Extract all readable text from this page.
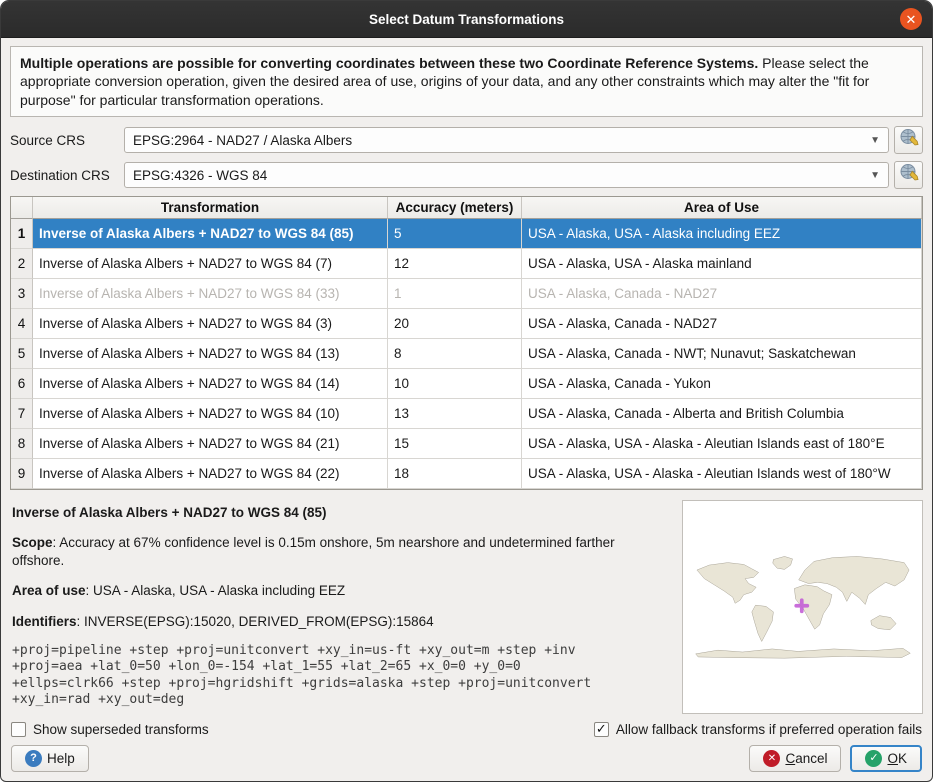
Select Datum Transformations	✕
Multiple operations are possible for converting coordinates between these two Coordinate Reference Systems. Please select the appropriate conversion operation, given the desired area of use, origins of your data, and any other constraints which may alter the "fit for purpose" for particular transformation operations.
Source CRS	EPSG:2964 - NAD27 / Alaska Albers	▼
Destination CRS	EPSG:4326 - WGS 84	▼
Transformation	Accuracy (meters)	Area of Use
1	Inverse of Alaska Albers + NAD27 to WGS 84 (85)	5	USA - Alaska, USA - Alaska including EEZ
2	Inverse of Alaska Albers + NAD27 to WGS 84 (7)	12	USA - Alaska, USA - Alaska mainland
3	Inverse of Alaska Albers + NAD27 to WGS 84 (33)	1	USA - Alaska, Canada - NAD27
4	Inverse of Alaska Albers + NAD27 to WGS 84 (3)	20	USA - Alaska, Canada - NAD27
5	Inverse of Alaska Albers + NAD27 to WGS 84 (13)	8	USA - Alaska, Canada - NWT; Nunavut; Saskatchewan
6	Inverse of Alaska Albers + NAD27 to WGS 84 (14)	10	USA - Alaska, Canada - Yukon
7	Inverse of Alaska Albers + NAD27 to WGS 84 (10)	13	USA - Alaska, Canada - Alberta and British Columbia
8	Inverse of Alaska Albers + NAD27 to WGS 84 (21)	15	USA - Alaska, USA - Alaska - Aleutian Islands east of 180°E
9	Inverse of Alaska Albers + NAD27 to WGS 84 (22)	18	USA - Alaska, USA - Alaska - Aleutian Islands west of 180°W
Inverse of Alaska Albers + NAD27 to WGS 84 (85)

Scope: Accuracy at 67% confidence level is 0.15m onshore, 5m nearshore and undetermined farther offshore.

Area of use: USA - Alaska, USA - Alaska including EEZ

Identifiers: INVERSE(EPSG):15020, DERIVED_FROM(EPSG):15864

+proj=pipeline +step +proj=unitconvert +xy_in=us-ft +xy_out=m +step +inv +proj=aea +lat_0=50 +lon_0=-154 +lat_1=55 +lat_2=65 +x_0=0 +y_0=0 +ellps=clrk66 +step +proj=hgridshift +grids=alaska +step +proj=unitconvert +xy_in=rad +xy_out=deg
Show superseded transforms ✓	Allow fallback transforms if preferred operation fails
? Help	✕ Cancel	✓ OK
